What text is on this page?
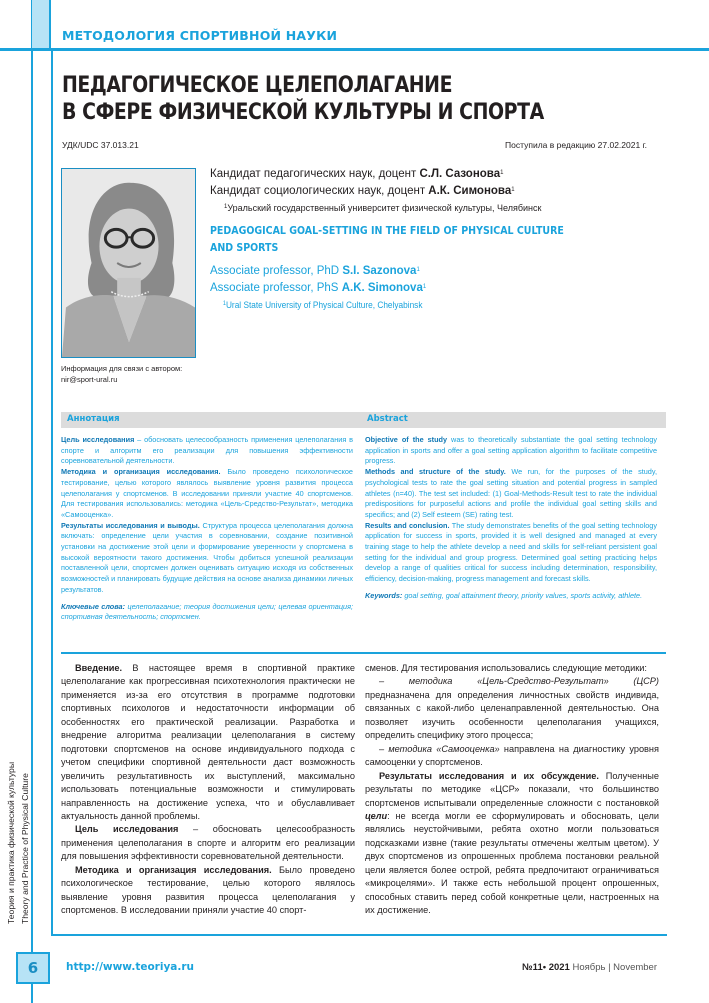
МЕТОДОЛОГИЯ СПОРТИВНОЙ НАУКИ
ПЕДАГОГИЧЕСКОЕ ЦЕЛЕПОЛАГАНИЕ
В СФЕРЕ ФИЗИЧЕСКОЙ КУЛЬТУРЫ И СПОРТА
УДК/UDC 37.013.21	Поступила в редакцию 27.02.2021 г.
Информация для связи с автором:
nir@sport-ural.ru
Кандидат педагогических наук, доцент С.Л. Сазонова$^1$
Кандидат социологических наук, доцент А.К. Симонова$^1$
$^1$Уральский государственный университет физической культуры, Челябинск
PEDAGOGICAL GOAL-SETTING IN THE FIELD OF PHYSICAL CULTURE
AND SPORTS
Associate professor, PhD S.I. Sazonova$^1$
Associate professor, PhS A.K. Simonova$^1$
$^1$Ural State University of Physical Culture, Chelyabinsk
Аннотация	Abstract

Цель исследования – обосновать целесообразность применения целеполагания в спорте и алгоритм его реализации для повышения эффективности соревновательной деятельности.

Методика и организация исследования. Было проведено психологическое тестирование, целью которого являлось выявление уровня развития процесса целеполагания у спортсменов. В исследовании приняли участие 40 спортсменов. Для тестирования использовались: методика «Цель-Средство-Результат», методика «Самооценка».

Результаты исследования и выводы. Структура процесса целеполагания должна включать: определение цели участия в соревновании, создание позитивной установки на достижение этой цели и формирование уверенности у спортсмена в высокой вероятности такого достижения. Чтобы добиться успешной реализации поставленной цели, спортсмен должен оценивать ситуацию исходя из собственных возможностей и планировать будущие действия на основе анализа динамики личных результатов.

Ключевые слова: целеполагание; теория достижения цели; целевая ориентация; спортивная деятельность; спортсмен.

Objective of the study was to theoretically substantiate the goal setting technology application in sports and offer a goal setting application algorithm to facilitate competitive progress.

Methods and structure of the study. We run, for the purposes of the study, psychological tests to rate the goal setting situation and potential progress in sampled athletes (n=40). The test set included: (1) Goal-Methods-Result test to rate the individual predispositions for purposeful actions and profile the individual goal setting skills and specifics; and (2) Self esteem (SE) rating test.

Results and conclusion. The study demonstrates benefits of the goal setting technology application for success in sports, provided it is well designed and managed at every training stage to help the athlete develop a need and skills for self-reliant persistent goal setting for the individual and group progress. Determined goal setting practicing helps develop a range of qualities critical for success including determination, responsibility, efficiency, decision-making, progress management and forecast skills.

Keywords: goal setting, goal attainment theory, priority values, sports activity, athlete.

Введение. В настоящее время в спортивной практике целеполагание как прогрессивная психотехнология практически не применяется из-за его отсутствия в программе подготовки спортивных психологов и недостаточности информации об особенностях его практической реализации. Разработка и внедрение алгоритма реализации целеполагания в систему подготовки спортсменов на основе индивидуального подхода с учетом специфики спортивной деятельности даст возможность увеличить результативность их выступлений, максимально использовать потенциальные возможности и стимулировать направленность на достижение успеха, что и обуславливает актуальность данной проблемы.

Цель исследования – обосновать целесообразность применения целеполагания в спорте и алгоритм его реализации для повышения эффективности соревновательной деятельности.

Методика и организация исследования. Было проведено психологическое тестирование, целью которого являлось выявление уровня развития процесса целеполагания у спортсменов. В исследовании приняли участие 40 спорт-

сменов. Для тестирования использовались следующие методики:

– методика «Цель-Средство-Результат» (ЦСР) предназначена для определения личностных свойств индивида, связанных с какой-либо целенаправленной деятельностью. Она позволяет изучить особенности целеполагания учащихся, определить специфику этого процесса;

– методика «Самооценка» направлена на диагностику уровня самооценки у спортсменов.

Результаты исследования и их обсуждение. Полученные результаты по методике «ЦСР» показали, что большинство спортсменов испытывали определенные сложности с постановкой цели: не всегда могли ее сформулировать и обосновать, цели являлись неустойчивыми, ребята охотно могли пользоваться подсказками извне (такие результаты отмечены желтым цветом). У двух спортсменов из опрошенных проблема постановки реальной цели является более острой, ребята предпочитают ограничиваться «микроцелями». И также есть небольшой процент опрошенных, способных ставить перед собой конкретные цели, настроенных на их достижение.

Теория и практика физической культуры Theory and Practice of Physical Culture
6	http://www.teoriya.ru	№11• 2021 Ноябрь | November
